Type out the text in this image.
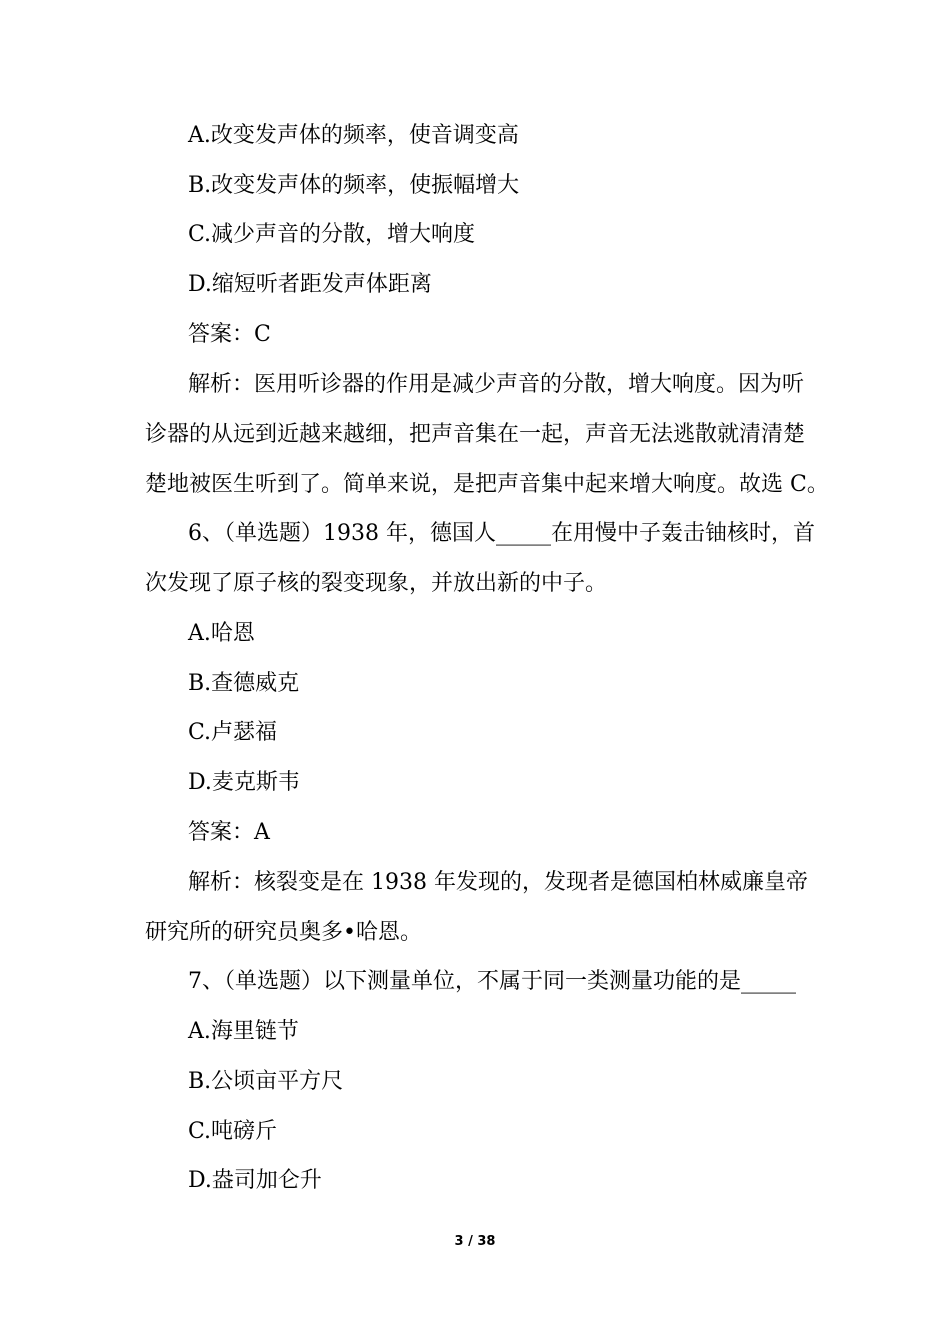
A.改变发声体的频率，使音调变高
B.改变发声体的频率，使振幅增大
C.减少声音的分散，增大响度
D.缩短听者距发声体距离
答案：C
解析：医用听诊器的作用是减少声音的分散，增大响度。因为听
诊器的从远到近越来越细，把声音集在一起，声音无法逃散就清清楚
楚地被医生听到了。简单来说，是把声音集中起来增大响度。故选 C。
6、（单选题）1938 年，德国人_____在用慢中子轰击铀核时，首
次发现了原子核的裂变现象，并放出新的中子。
A.哈恩
B.查德威克
C.卢瑟福
D.麦克斯韦
答案：A
解析：核裂变是在 1938 年发现的，发现者是德国柏林威廉皇帝
研究所的研究员奥多•哈恩。
7、（单选题）以下测量单位，不属于同一类测量功能的是_____
A.海里链节
B.公顷亩平方尺
C.吨磅斤
D.盎司加仑升
3 / 38
